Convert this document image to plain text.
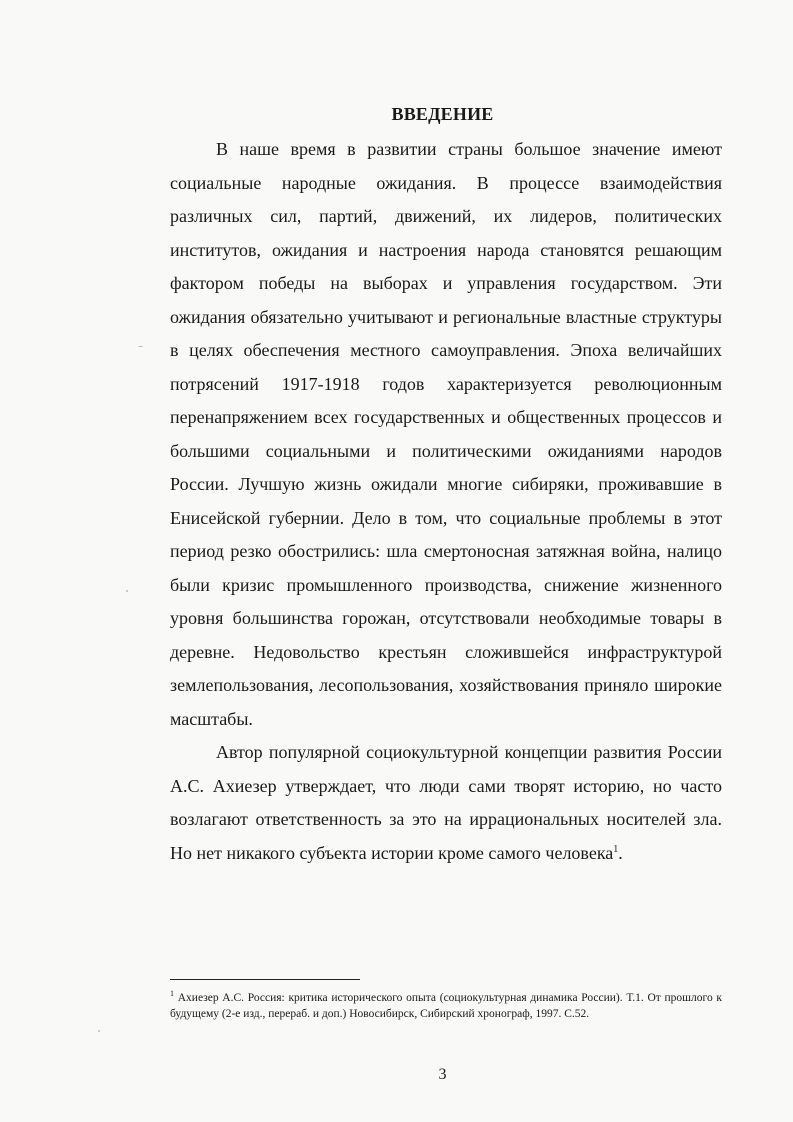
ВВЕДЕНИЕ

В наше время в развитии страны большое значение имеют социальные народные ожидания. В процессе взаимодействия различных сил, партий, движений, их лидеров, политических институтов, ожидания и настроения народа становятся решающим фактором победы на выборах и управления государством. Эти ожидания обязательно учитывают и региональные властные структуры в целях обеспечения местного самоуправления. Эпоха величайших потрясений 1917-1918 годов характеризуется революционным перенапряжением всех государственных и общественных процессов и большими социальными и политическими ожиданиями народов России. Лучшую жизнь ожидали многие сибиряки, проживавшие в Енисейской губернии. Дело в том, что социальные проблемы в этот период резко обострились: шла смертоносная затяжная война, налицо были кризис промышленного производства, снижение жизненного уровня большинства горожан, отсутствовали необходимые товары в деревне. Недовольство крестьян сложившейся инфраструктурой землепользования, лесопользования, хозяйствования приняло широкие масштабы.

Автор популярной социокультурной концепции развития России А.С. Ахиезер утверждает, что люди сами творят историю, но часто возлагают ответственность за это на иррациональных носителей зла. Но нет никакого субъекта истории кроме самого человека$^1$.

$^1$ Ахиезер А.С. Россия: критика исторического опыта (социокультурная динамика России). Т.1. От прошлого к будущему (2-е изд., перераб. и доп.) Новосибирск, Сибирский хронограф, 1997. С.52.
3
